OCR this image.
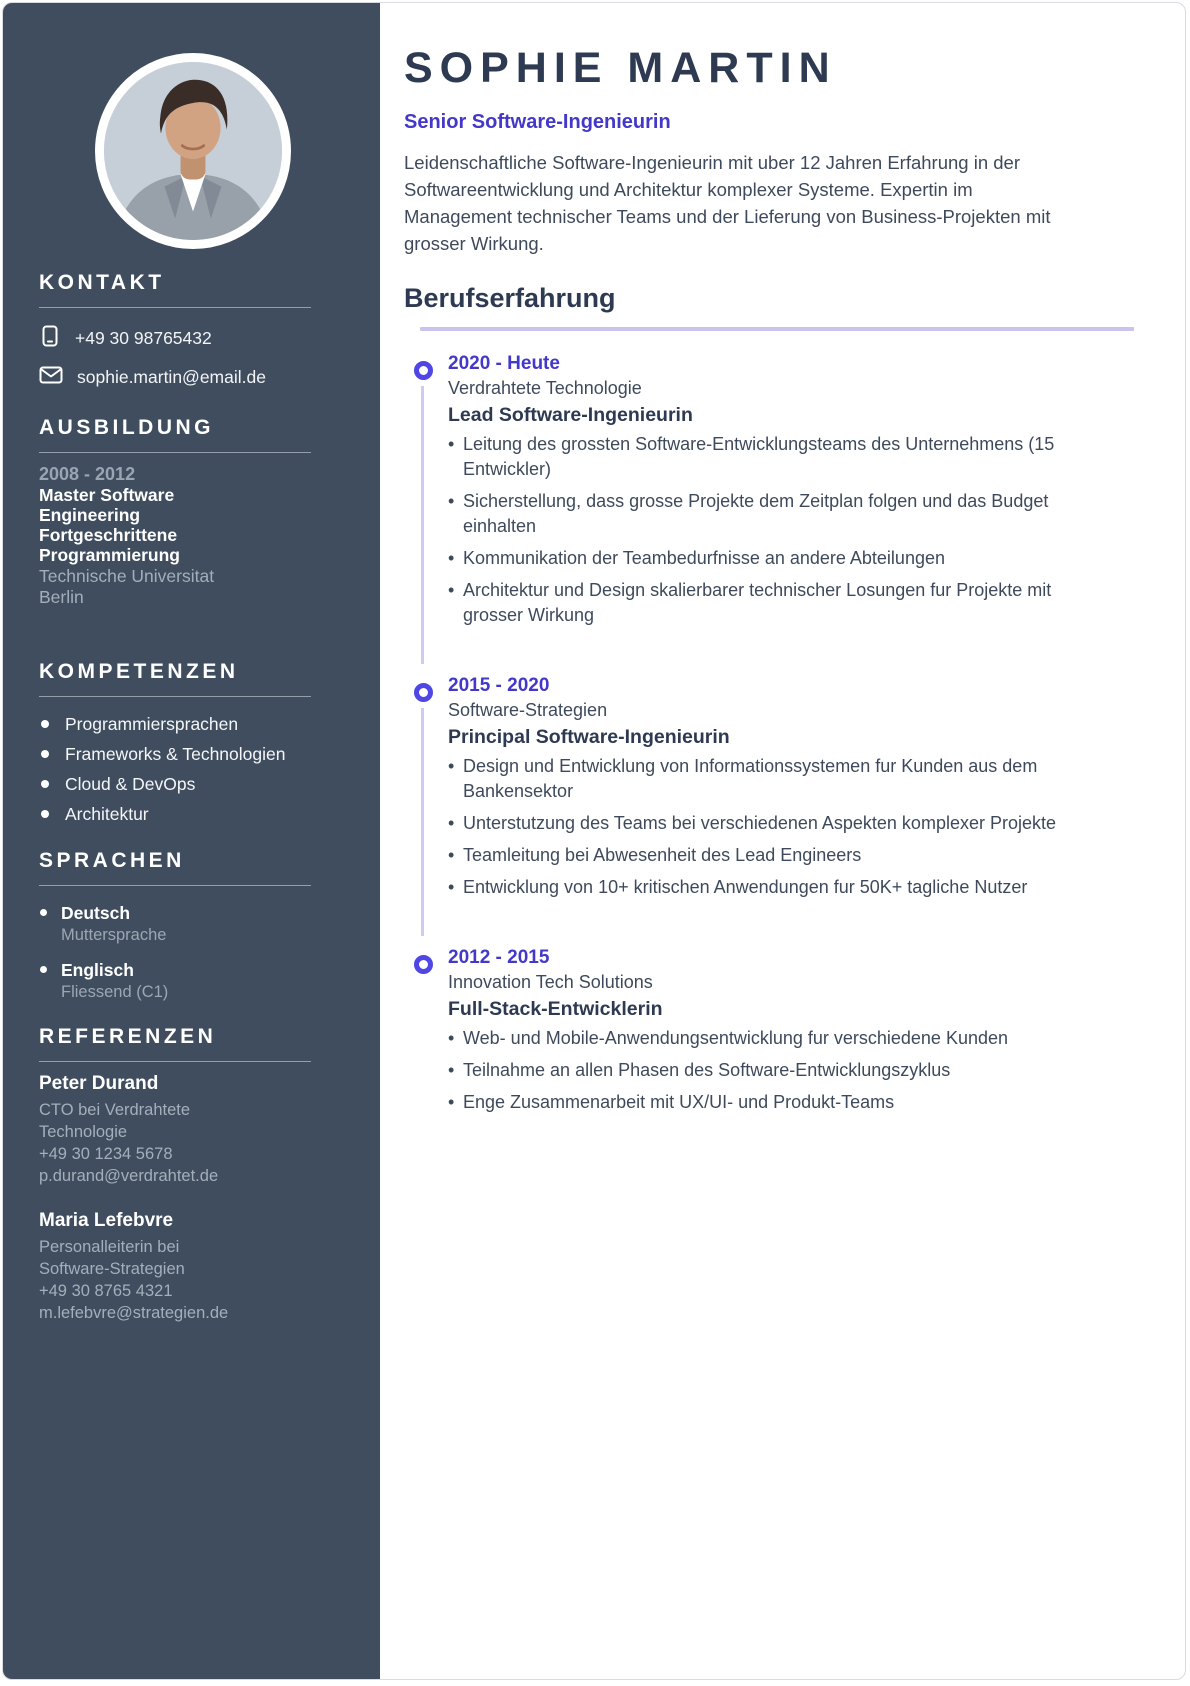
KONTAKT
+49 30 98765432
sophie.martin@email.de
AUSBILDUNG
2008 - 2012
Master Software Engineering
Fortgeschrittene Programmierung
Technische Universitat Berlin
KOMPETENZEN
Programmiersprachen
Frameworks & Technologien
Cloud & DevOps
Architektur
SPRACHEN
Deutsch
Muttersprache
Englisch
Fliessend (C1)
REFERENZEN
Peter Durand
CTO bei Verdrahtete Technologie
+49 30 1234 5678
p.durand@verdrahtet.de
Maria Lefebvre
Personalleiterin bei Software-Strategien
+49 30 8765 4321
m.lefebvre@strategien.de
SOPHIE MARTIN
Senior Software-Ingenieurin

Leidenschaftliche Software-Ingenieurin mit uber 12 Jahren Erfahrung in der Softwareentwicklung und Architektur komplexer Systeme. Expertin im Management technischer Teams und der Lieferung von Business-Projekten mit grosser Wirkung.

Berufserfahrung
2020 - Heute
Verdrahtete Technologie
Lead Software-Ingenieurin
• Leitung des grossten Software-Entwicklungsteams des Unternehmens (15 Entwickler)
• Sicherstellung, dass grosse Projekte dem Zeitplan folgen und das Budget einhalten
• Kommunikation der Teambedurfnisse an andere Abteilungen
• Architektur und Design skalierbarer technischer Losungen fur Projekte mit grosser Wirkung
2015 - 2020
Software-Strategien
Principal Software-Ingenieurin
• Design und Entwicklung von Informationssystemen fur Kunden aus dem Bankensektor
• Unterstutzung des Teams bei verschiedenen Aspekten komplexer Projekte
• Teamleitung bei Abwesenheit des Lead Engineers
• Entwicklung von 10+ kritischen Anwendungen fur 50K+ tagliche Nutzer
2012 - 2015
Innovation Tech Solutions
Full-Stack-Entwicklerin
• Web- und Mobile-Anwendungsentwicklung fur verschiedene Kunden
• Teilnahme an allen Phasen des Software-Entwicklungszyklus
• Enge Zusammenarbeit mit UX/UI- und Produkt-Teams
